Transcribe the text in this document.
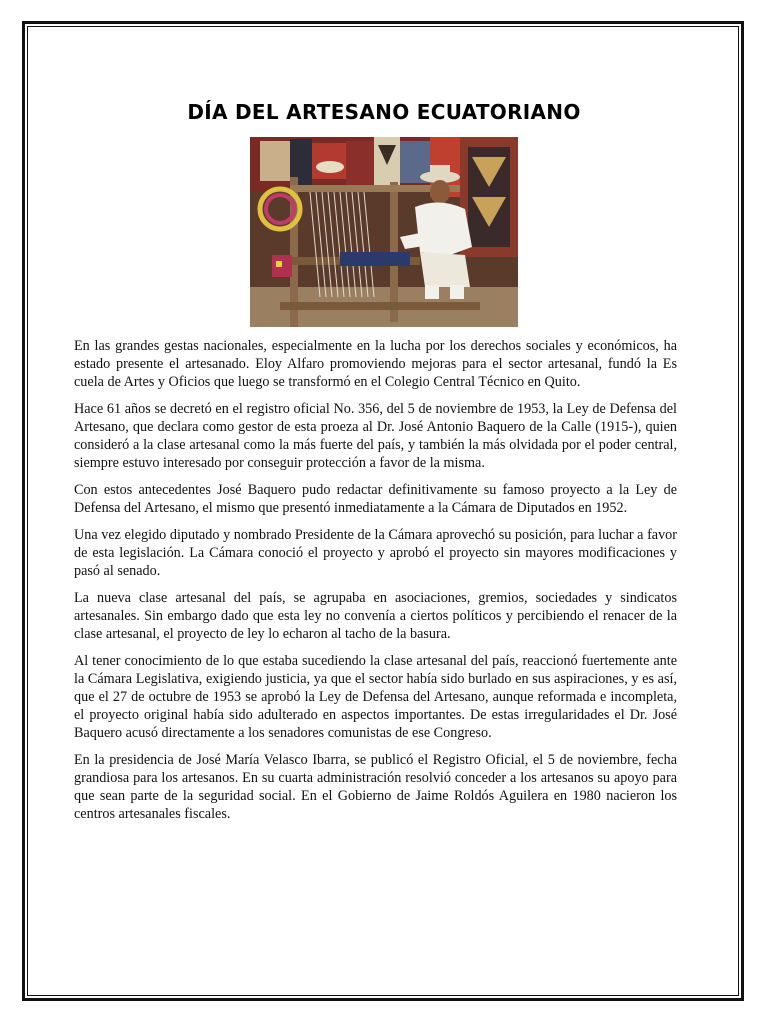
DÍA DEL ARTESANO ECUATORIANO

En las grandes gestas nacionales, especialmente en la lucha por los derechos sociales y económicos, ha estado presente el artesanado. Eloy Alfaro promoviendo mejoras para el sector artesanal, fundó la Es cuela de Artes y Oficios que luego se transformó en el Colegio Central Técnico en Quito.

Hace 61 años se decretó en el registro oficial No. 356, del 5 de noviembre de 1953, la Ley de Defensa del Artesano, que declara como gestor de esta proeza al Dr. José Antonio Baquero de la Calle (1915-), quien consideró a la clase artesanal como la más fuerte del país, y también la más olvidada por el poder central, siempre estuvo interesado por conseguir protección a favor de la misma.

Con estos antecedentes José Baquero pudo redactar definitivamente su famoso proyecto a la Ley de Defensa del Artesano, el mismo que presentó inmediatamente a la Cámara de Diputados en 1952.

Una vez elegido diputado y nombrado Presidente de la Cámara aprovechó su posición, para luchar a favor de esta legislación. La Cámara conoció el proyecto y aprobó el proyecto sin mayores modificaciones y pasó al senado.

La nueva clase artesanal del país, se agrupaba en asociaciones, gremios, sociedades y sindicatos artesanales. Sin embargo dado que esta ley no convenía a ciertos políticos y percibiendo el renacer de la clase artesanal, el proyecto de ley lo echaron al tacho de la basura.

Al tener conocimiento de lo que estaba sucediendo la clase artesanal del país, reaccionó fuertemente ante la Cámara Legislativa, exigiendo justicia, ya que el sector había sido burlado en sus aspiraciones, y es así, que el 27 de octubre de 1953 se aprobó la Ley de Defensa del Artesano, aunque reformada e incompleta, el proyecto original había sido adulterado en aspectos importantes. De estas irregularidades el Dr. José Baquero acusó directamente a los senadores comunistas de ese Congreso.

En la presidencia de José María Velasco Ibarra, se publicó el Registro Oficial, el 5 de noviembre, fecha grandiosa para los artesanos. En su cuarta administración resolvió conceder a los artesanos su apoyo para que sean parte de la seguridad social. En el Gobierno de Jaime Roldós Aguilera en 1980 nacieron los centros artesanales fiscales.
